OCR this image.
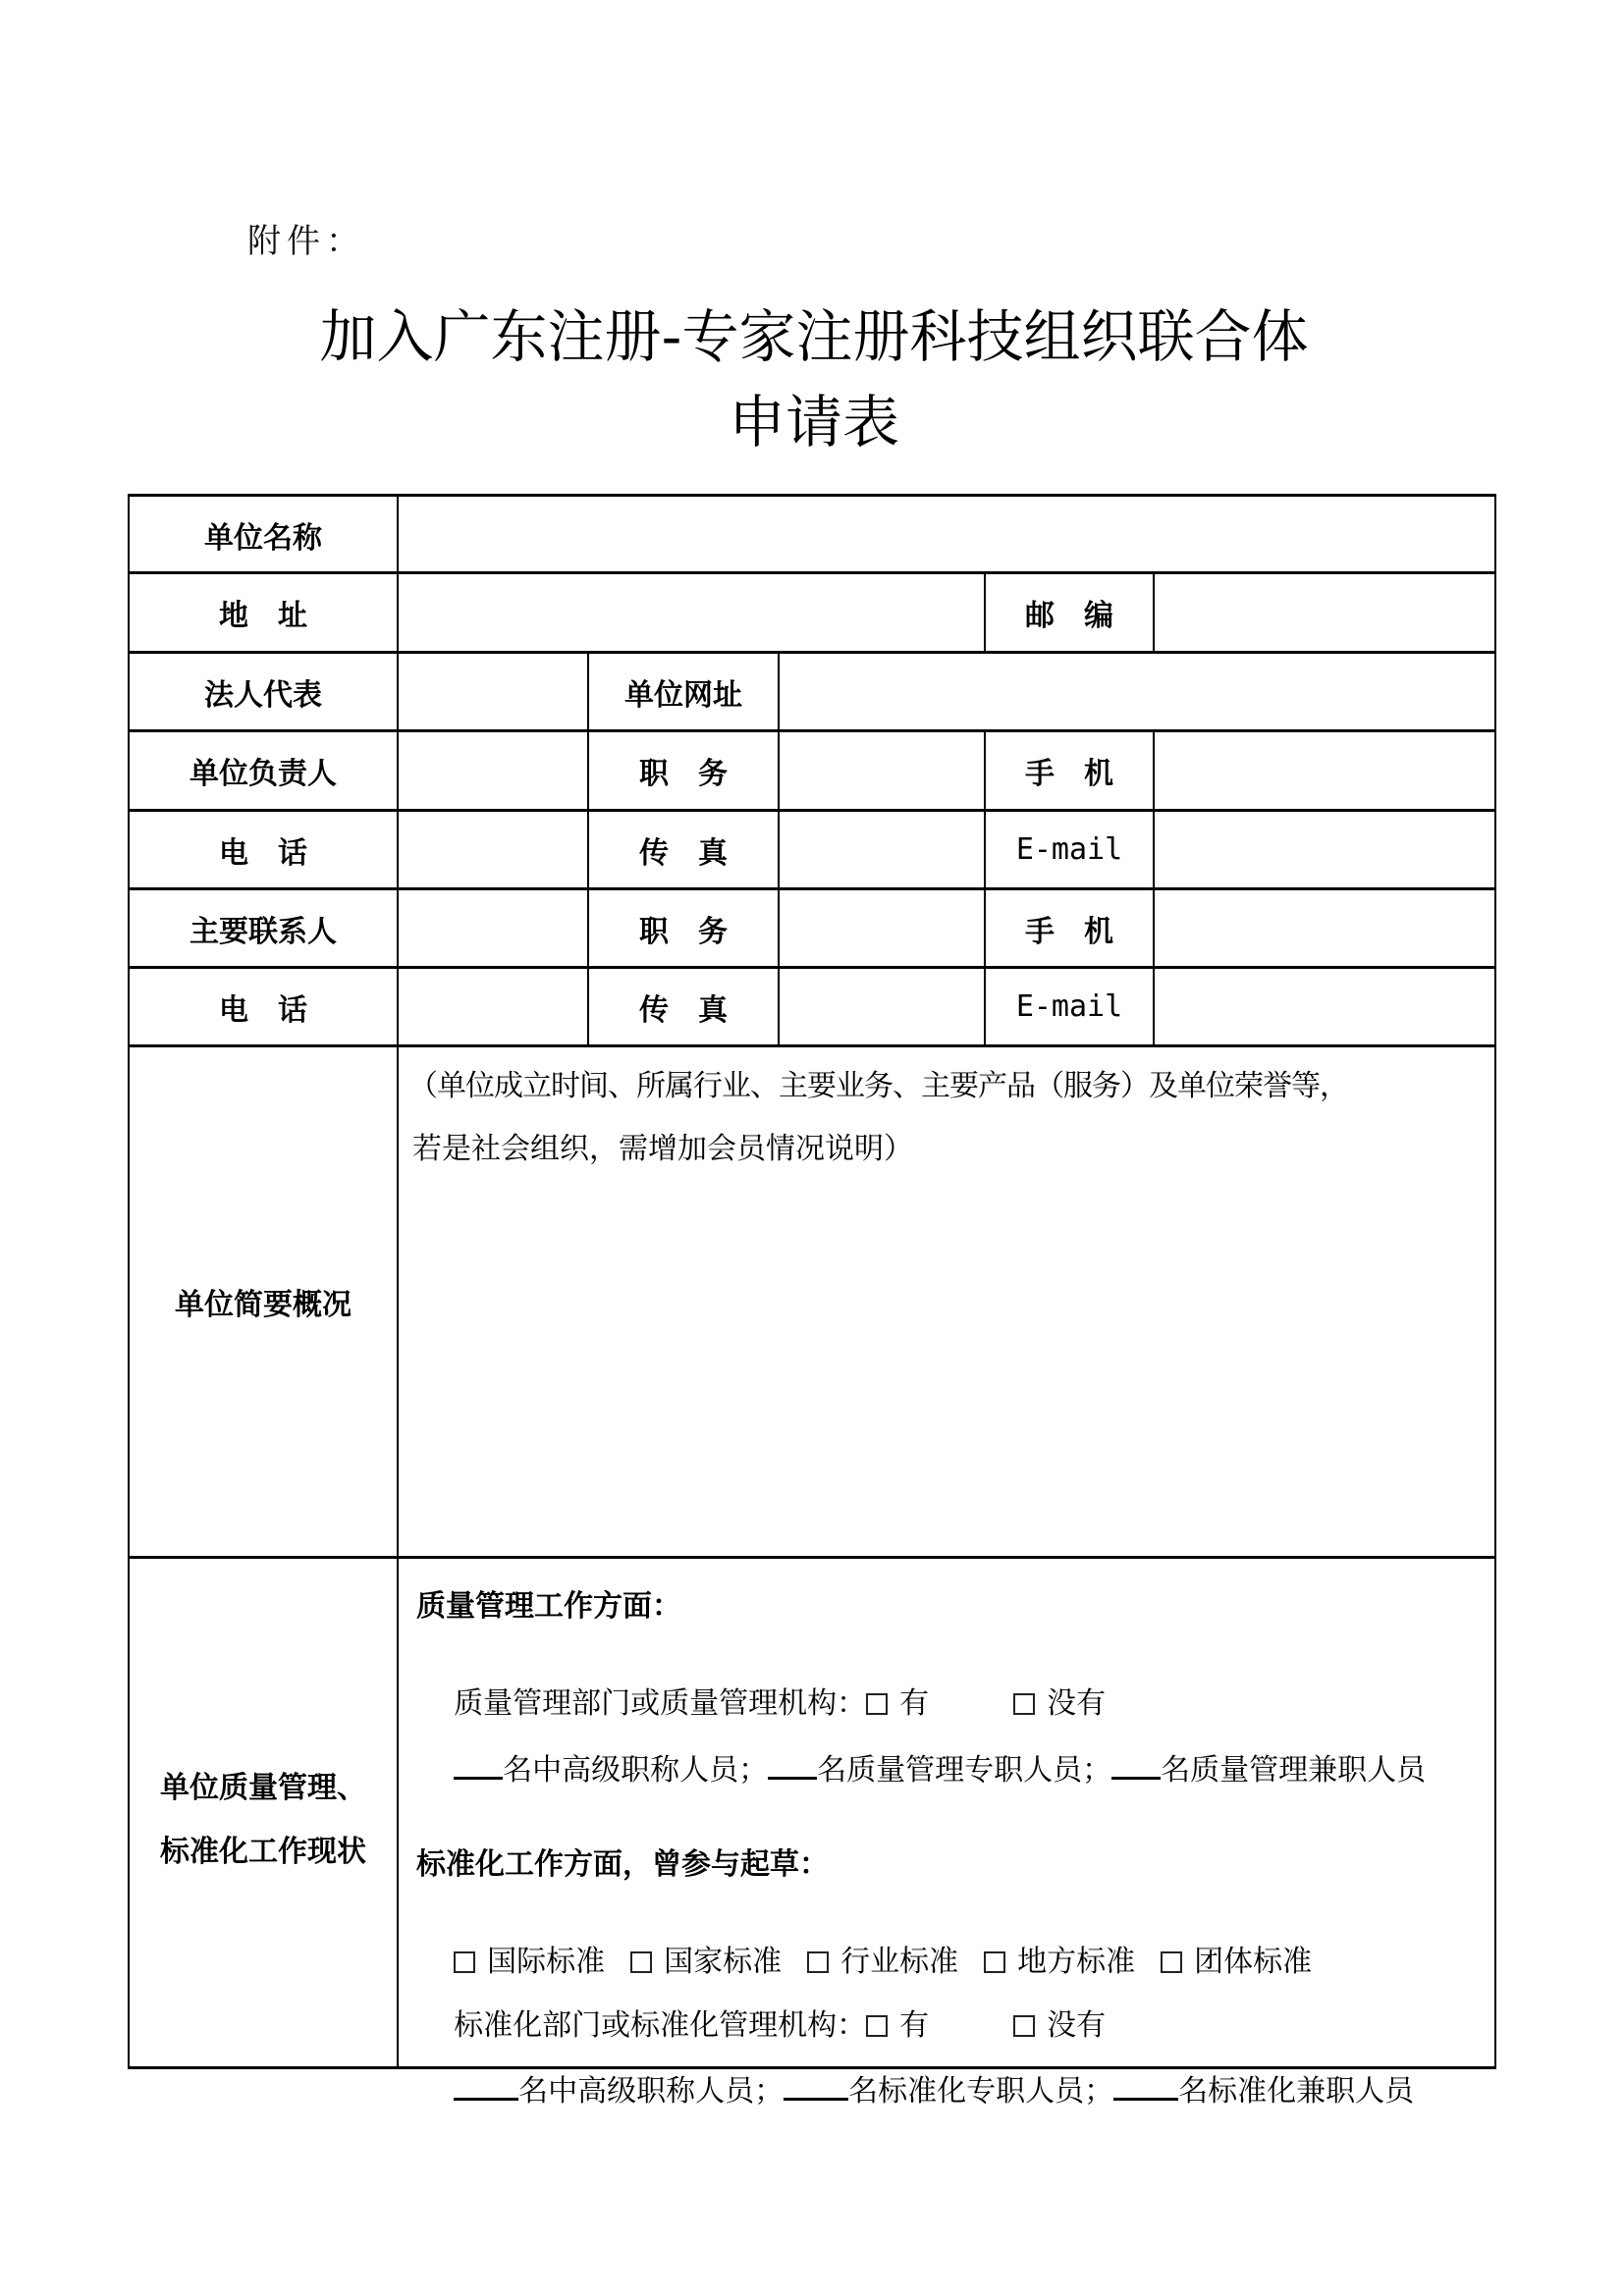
附件：
加入广东注册-专家注册科技组织联合体
申请表
单位名称
地　址	邮　编
法人代表	单位网址
单位负责人	职　务	手　机
电　话	传　真	E-mail
主要联系人	职　务	手　机
电　话	传　真	E-mail
单位简要概况
（单位成立时间、所属行业、主要业务、主要产品（服务）及单位荣誉等，
若是社会组织，需增加会员情况说明）
单位质量管理、
标准化工作现状
质量管理工作方面：

质量管理部门或质量管理机构： 有	没有

名中高级职称人员； 名质量管理专职人员； 名质量管理兼职人员

标准化工作方面，曾参与起草：

国际标准 国家标准 行业标准 地方标准 团体标准

标准化部门或标准化管理机构： 有	没有

名中高级职称人员； 名标准化专职人员； 名标准化兼职人员
